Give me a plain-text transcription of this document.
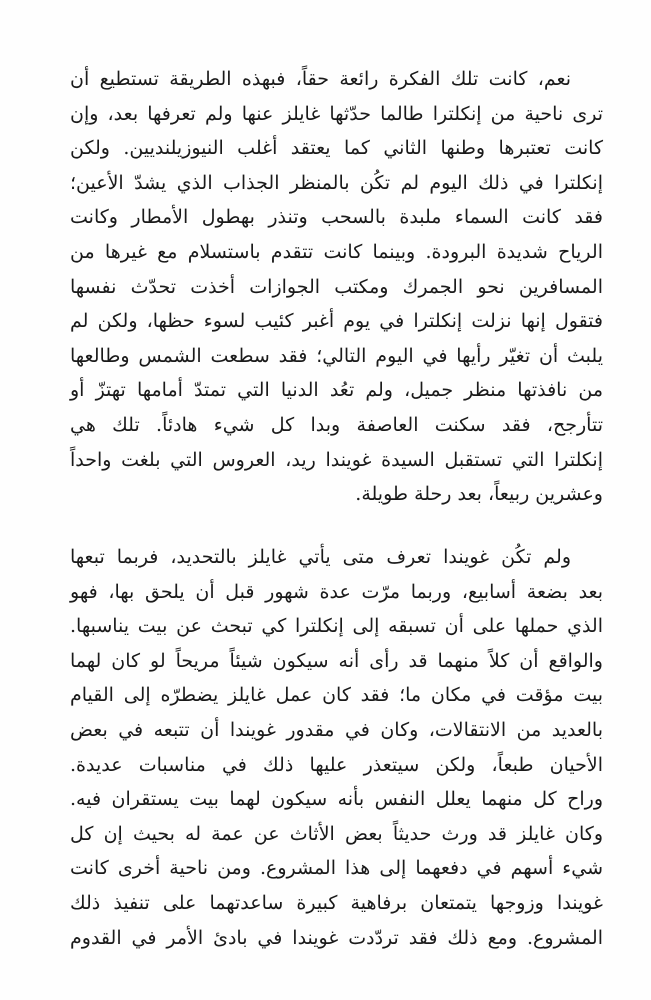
نعم، كانت تلك الفكرة رائعة حقاً، فبهذه الطريقة تستطيع أن
ترى ناحية من إنكلترا طالما حدّثها غايلز عنها ولم تعرفها بعد، وإن
كانت تعتبرها وطنها الثاني كما يعتقد أغلب النيوزيلنديين. ولكن
إنكلترا في ذلك اليوم لم تكُن بالمنظر الجذاب الذي يشدّ الأعين؛
فقد كانت السماء ملبدة بالسحب وتنذر بهطول الأمطار وكانت
الرياح شديدة البرودة. وبينما كانت تتقدم باستسلام مع غيرها من
المسافرين نحو الجمرك ومكتب الجوازات أخذت تحدّث نفسها
فتقول إنها نزلت إنكلترا في يوم أغبر كئيب لسوء حظها، ولكن لم
يلبث أن تغيّر رأيها في اليوم التالي؛ فقد سطعت الشمس وطالعها
من نافذتها منظر جميل، ولم تعُد الدنيا التي تمتدّ أمامها تهتزّ أو
تتأرجح، فقد سكنت العاصفة وبدا كل شيء هادئاً. تلك هي
إنكلترا التي تستقبل السيدة غويندا ريد، العروس التي بلغت واحداً
وعشرين ربيعاً، بعد رحلة طويلة.
ولم تكُن غويندا تعرف متى يأتي غايلز بالتحديد، فربما تبعها
بعد بضعة أسابيع، وربما مرّت عدة شهور قبل أن يلحق بها، فهو
الذي حملها على أن تسبقه إلى إنكلترا كي تبحث عن بيت يناسبها.
والواقع أن كلاً منهما قد رأى أنه سيكون شيئاً مريحاً لو كان لهما
بيت مؤقت في مكان ما؛ فقد كان عمل غايلز يضطرّه إلى القيام
بالعديد من الانتقالات، وكان في مقدور غويندا أن تتبعه في بعض
الأحيان طبعاً، ولكن سيتعذر عليها ذلك في مناسبات عديدة.
وراح كل منهما يعلل النفس بأنه سيكون لهما بيت يستقران فيه.
وكان غايلز قد ورث حديثاً بعض الأثاث عن عمة له بحيث إن كل
شيء أسهم في دفعهما إلى هذا المشروع. ومن ناحية أخرى كانت
غويندا وزوجها يتمتعان برفاهية كبيرة ساعدتهما على تنفيذ ذلك
المشروع. ومع ذلك فقد تردّدت غويندا في بادئ الأمر في القدوم
